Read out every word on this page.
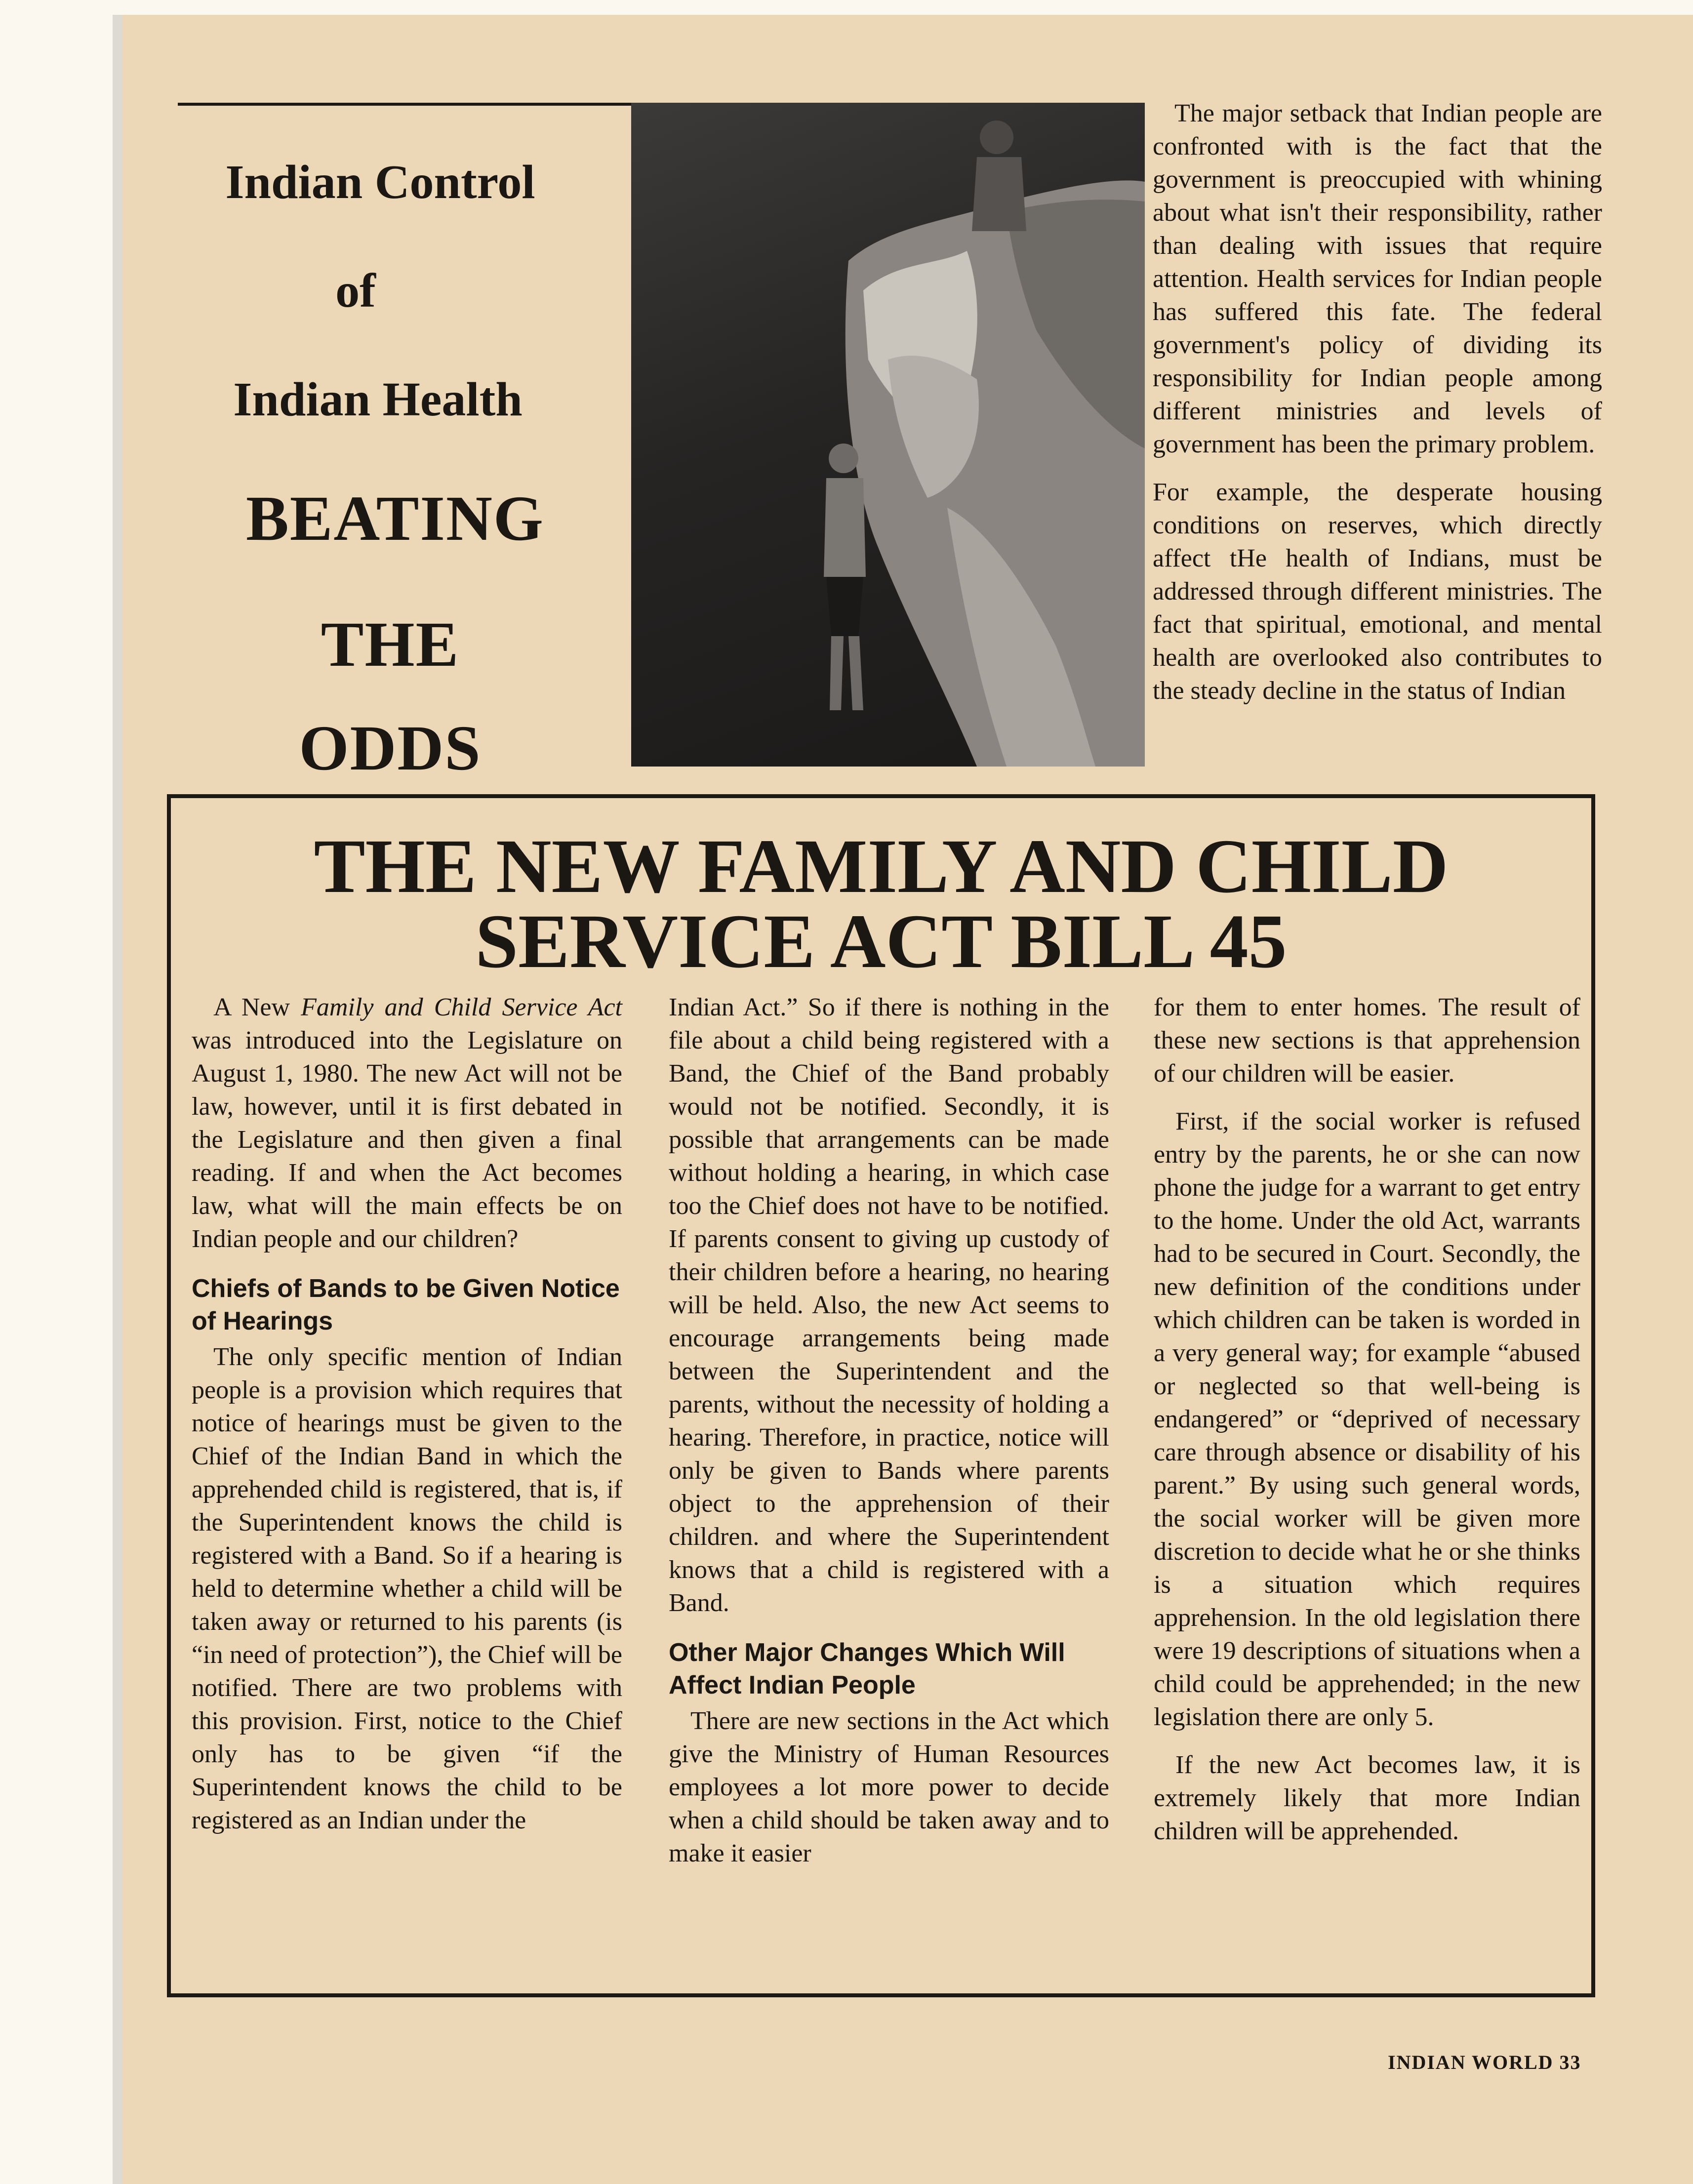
Indian Control
of
Indian Health
BEATING
THE
ODDS

The major setback that Indian people are confronted with is the fact that the government is preoccupied with whining about what isn't their responsibility, rather than dealing with issues that require attention. Health services for Indian people has suffered this fate. The federal government's policy of dividing its responsibility for Indian people among different ministries and levels of government has been the primary problem.

For example, the desperate housing conditions on reserves, which directly affect tHe health of Indians, must be addressed through different ministries. The fact that spiritual, emotional, and mental health are overlooked also contributes to the steady decline in the status of Indian

THE NEW FAMILY AND CHILD
SERVICE ACT BILL 45

A New Family and Child Service Act was introduced into the Legislature on August 1, 1980. The new Act will not be law, however, until it is first debated in the Legislature and then given a final reading. If and when the Act becomes law, what will the main effects be on Indian people and our children?

Chiefs of Bands to be Given Notice of Hearings

The only specific mention of Indian people is a provision which requires that notice of hearings must be given to the Chief of the Indian Band in which the apprehended child is registered, that is, if the Superintendent knows the child is registered with a Band. So if a hearing is held to determine whether a child will be taken away or returned to his parents (is “in need of protection”), the Chief will be notified. There are two problems with this provision. First, notice to the Chief only has to be given “if the Superintendent knows the child to be registered as an Indian under the

Indian Act.” So if there is nothing in the file about a child being registered with a Band, the Chief of the Band probably would not be notified. Secondly, it is possible that arrangements can be made without holding a hearing, in which case too the Chief does not have to be notified. If parents consent to giving up custody of their children before a hearing, no hearing will be held. Also, the new Act seems to encourage arrangements being made between the Superintendent and the parents, without the necessity of holding a hearing. Therefore, in practice, notice will only be given to Bands where parents object to the apprehension of their children. and where the Superintendent knows that a child is registered with a Band.

Other Major Changes Which Will Affect Indian People

There are new sections in the Act which give the Ministry of Human Resources employees a lot more power to decide when a child should be taken away and to make it easier

for them to enter homes. The result of these new sections is that apprehension of our children will be easier.

First, if the social worker is refused entry by the parents, he or she can now phone the judge for a warrant to get entry to the home. Under the old Act, warrants had to be secured in Court. Secondly, the new definition of the conditions under which children can be taken is worded in a very general way; for example “abused or neglected so that well-being is endangered” or “deprived of necessary care through absence or disability of his parent.” By using such general words, the social worker will be given more discretion to decide what he or she thinks is a situation which requires apprehension. In the old legislation there were 19 descriptions of situations when a child could be apprehended; in the new legislation there are only 5.

If the new Act becomes law, it is extremely likely that more Indian children will be apprehended.

INDIAN WORLD 33
